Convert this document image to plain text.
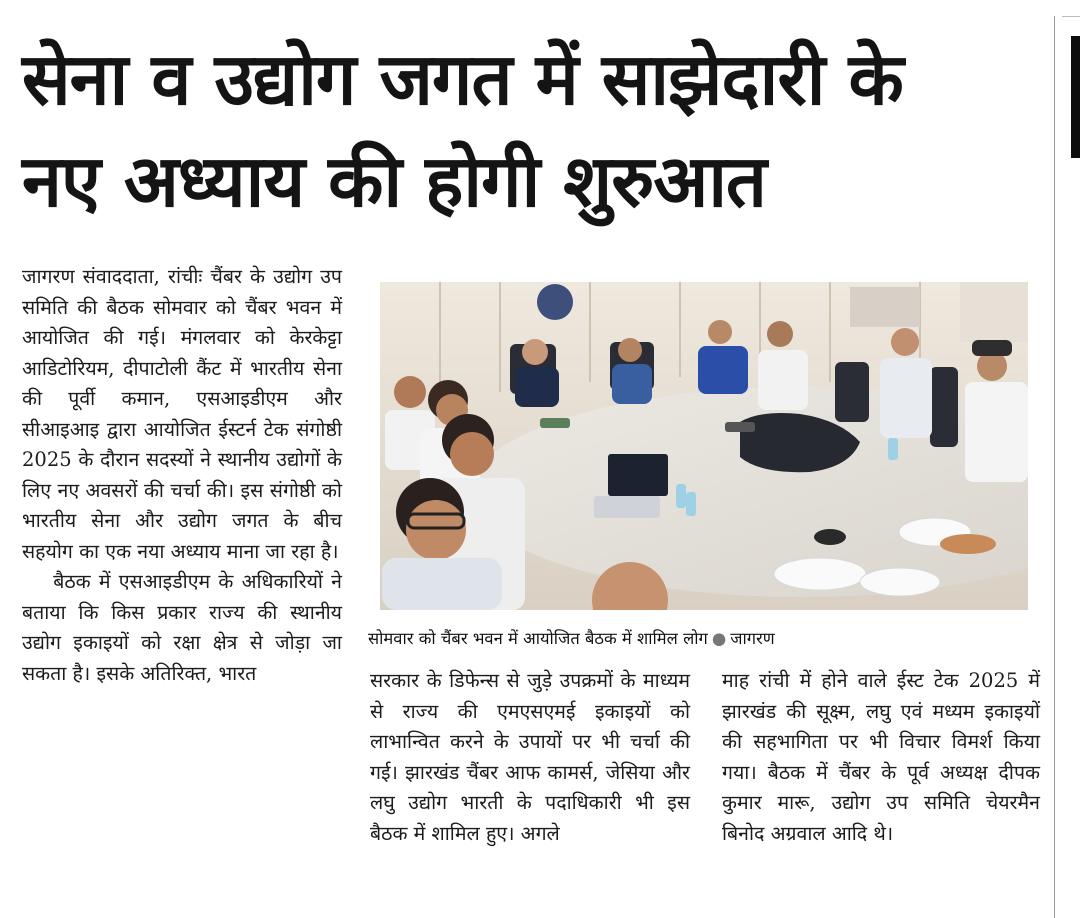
सेना व उद्योग जगत में साझेदारी के
नए अध्याय की होगी शुरुआत

जागरण संवाददाता, रांचीः चैंबर के उद्योग उप समिति की बैठक सोमवार को चैंबर भवन में आयोजित की गई। मंगलवार को केरकेट्टा आडिटोरियम, दीपाटोली कैंट में भारतीय सेना की पूर्वी कमान, एसआइडीएम और सीआइआइ द्वारा आयोजित ईस्टर्न टेक संगोष्ठी 2025 के दौरान सदस्यों ने स्थानीय उद्योगों के लिए नए अवसरों की चर्चा की। इस संगोष्ठी को भारतीय सेना और उद्योग जगत के बीच सहयोग का एक नया अध्याय माना जा रहा है।

बैठक में एसआइडीएम के अधिकारियों ने बताया कि किस प्रकार राज्य की स्थानीय उद्योग इकाइयों को रक्षा क्षेत्र से जोड़ा जा सकता है। इसके अतिरिक्त, भारत

सोमवार को चैंबर भवन में आयोजित बैठक में शामिल लोग ● जागरण

सरकार के डिफेन्स से जुड़े उपक्रमों के माध्यम से राज्य की एमएसएमई इकाइयों को लाभान्वित करने के उपायों पर भी चर्चा की गई। झारखंड चैंबर आफ कामर्स, जेसिया और लघु उद्योग भारती के पदाधिकारी भी इस बैठक में शामिल हुए। अगले

माह रांची में होने वाले ईस्ट टेक 2025 में झारखंड की सूक्ष्म, लघु एवं मध्यम इकाइयों की सहभागिता पर भी विचार विमर्श किया गया। बैठक में चैंबर के पूर्व अध्यक्ष दीपक कुमार मारू, उद्योग उप समिति चेयरमैन बिनोद अग्रवाल आदि थे।
